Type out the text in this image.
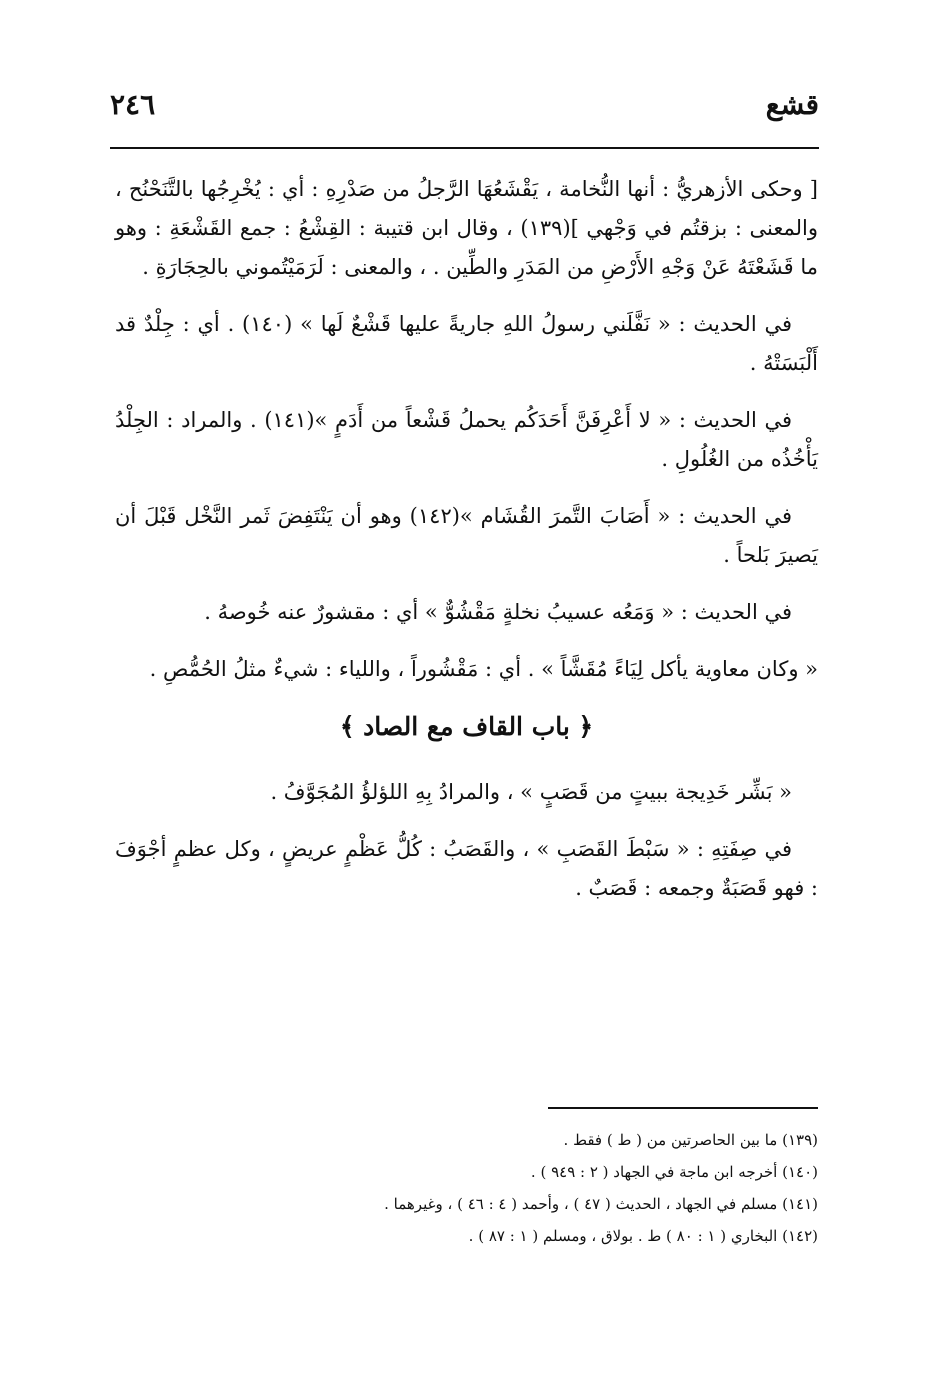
٢٤٦	قشع

[ وحكى الأزهريُّ : أنها النُّخامة ، يَقْشَعُهَا الرَّجلُ من صَدْرِهِ : أي : يُخْرِجُها بالتَّنَحْنُح ، والمعنى : بزقتُم في وَجْهي ](١٣٩) ، وقال ابن قتيبة : القِشْعُ : جمع القَشْعَةِ : وهو ما قَشَعْتَهُ عَنْ وَجْهِ الأَرْضِ من المَدَرِ والطِّين . ، والمعنى : لَرَمَيْتُموني بالحِجَارَةِ .

في الحديث : « نَفَّلَني رسولُ اللهِ جاريةً عليها قَشْعٌ لَها » (١٤٠) . أي : جِلْدٌ قد أَلْبَسَتْهُ .

في الحديث : « لا أَعْرِفَنَّ أَحَدَكُم يحملُ قَشْعاً من أَدَمٍ »(١٤١) . والمراد : الجِلْدُ يَأْخُذُه من الغُلُولِ .

في الحديث : « أَصَابَ التَّمرَ القُشَام »(١٤٢) وهو أن يَنْتَفِضَ ثَمر النَّخْل قَبْلَ أن يَصيرَ بَلحاً .

في الحديث : « وَمَعُه عسيبُ نخلةٍ مَقْشُوٌّ » أي : مقشورٌ عنه خُوصهُ .

« وكان معاوية يأكل لِيَاءً مُقَشَّاً » . أي : مَقْشُوراً ، واللياء : شيءٌ مثلُ الحُمُّصِ .

﴿ باب القاف مع الصاد ﴾

« بَشِّر خَدِيجة ببيتٍ من قَصَبٍ » ، والمرادُ بِهِ اللؤلؤُ المُجَوَّفُ .

في صِفَتِهِ : « سَبْطَ القَصَبِ » ، والقَصَبُ : كُلُّ عَظْمٍ عريضٍ ، وكل عظمٍ أجْوَفَ : فهو قَصَبَةٌ وجمعه : قَصَبٌ .

(١٣٩) ما بين الحاصرتين من ( ط ) فقط .

(١٤٠) أخرجه ابن ماجة في الجهاد ( ٢ : ٩٤٩ ) .

(١٤١) مسلم في الجهاد ، الحديث ( ٤٧ ) ، وأحمد ( ٤ : ٤٦ ) ، وغيرهما .

(١٤٢) البخاري ( ١ : ٨٠ ) ط . بولاق ، ومسلم ( ١ : ٨٧ ) .
